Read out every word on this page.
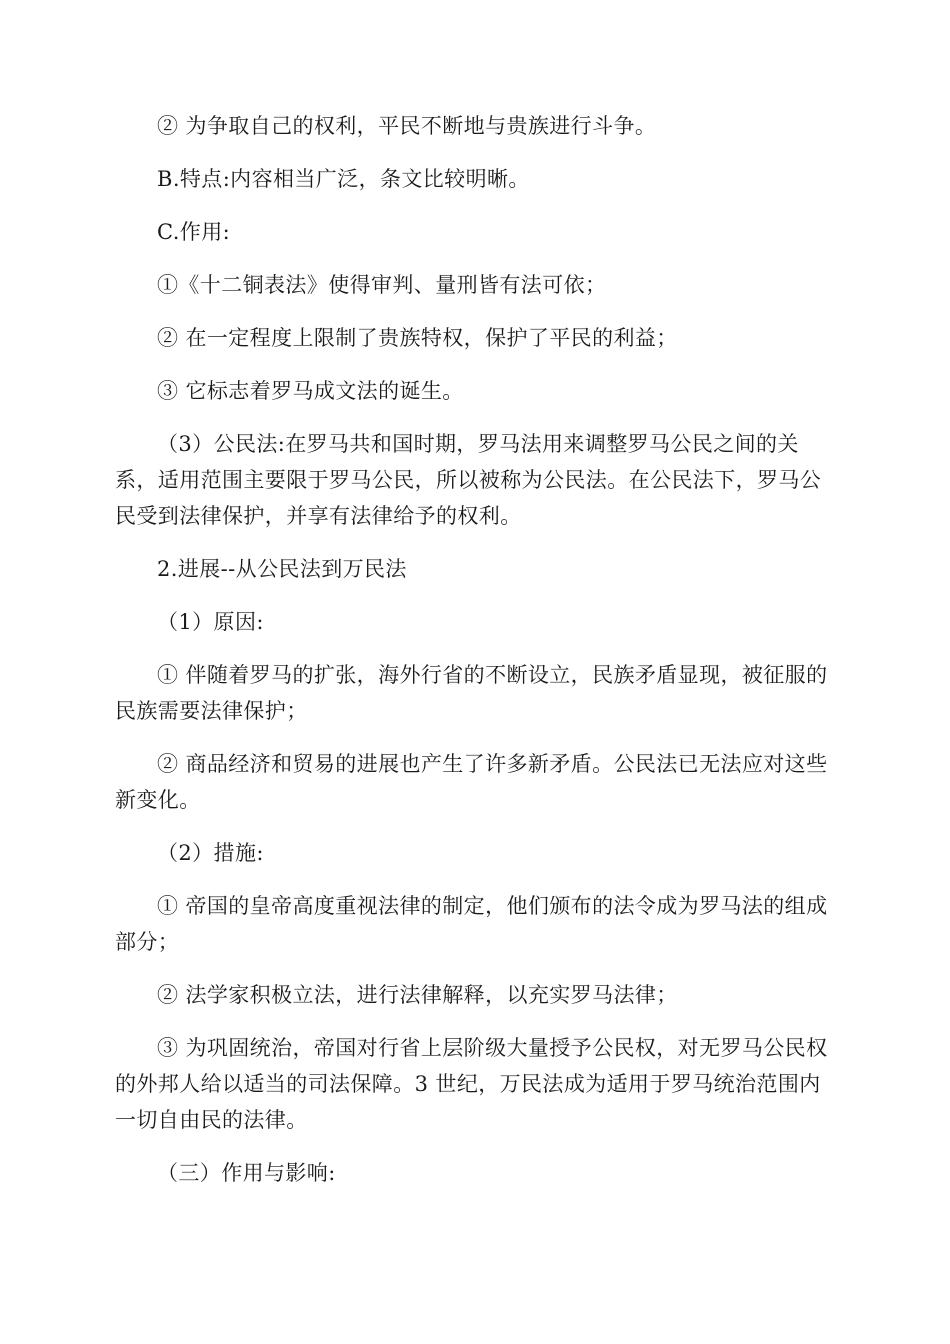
② 为争取自己的权利，平民不断地与贵族进行斗争。

B.特点:内容相当广泛，条文比较明晰。

C.作用:

①《十二铜表法》使得审判、量刑皆有法可依；

② 在一定程度上限制了贵族特权，保护了平民的利益；

③ 它标志着罗马成文法的诞生。

（3）公民法:在罗马共和国时期，罗马法用来调整罗马公民之间的关系，适用范围主要限于罗马公民，所以被称为公民法。在公民法下，罗马公民受到法律保护，并享有法律给予的权利。

2.进展--从公民法到万民法

（1）原因:

① 伴随着罗马的扩张，海外行省的不断设立，民族矛盾显现，被征服的民族需要法律保护；

② 商品经济和贸易的进展也产生了许多新矛盾。公民法已无法应对这些新变化。

（2）措施:

① 帝国的皇帝高度重视法律的制定，他们颁布的法令成为罗马法的组成部分；

② 法学家积极立法，进行法律解释，以充实罗马法律；

③ 为巩固统治，帝国对行省上层阶级大量授予公民权，对无罗马公民权的外邦人给以适当的司法保障。3 世纪，万民法成为适用于罗马统治范围内一切自由民的法律。

（三）作用与影响:
